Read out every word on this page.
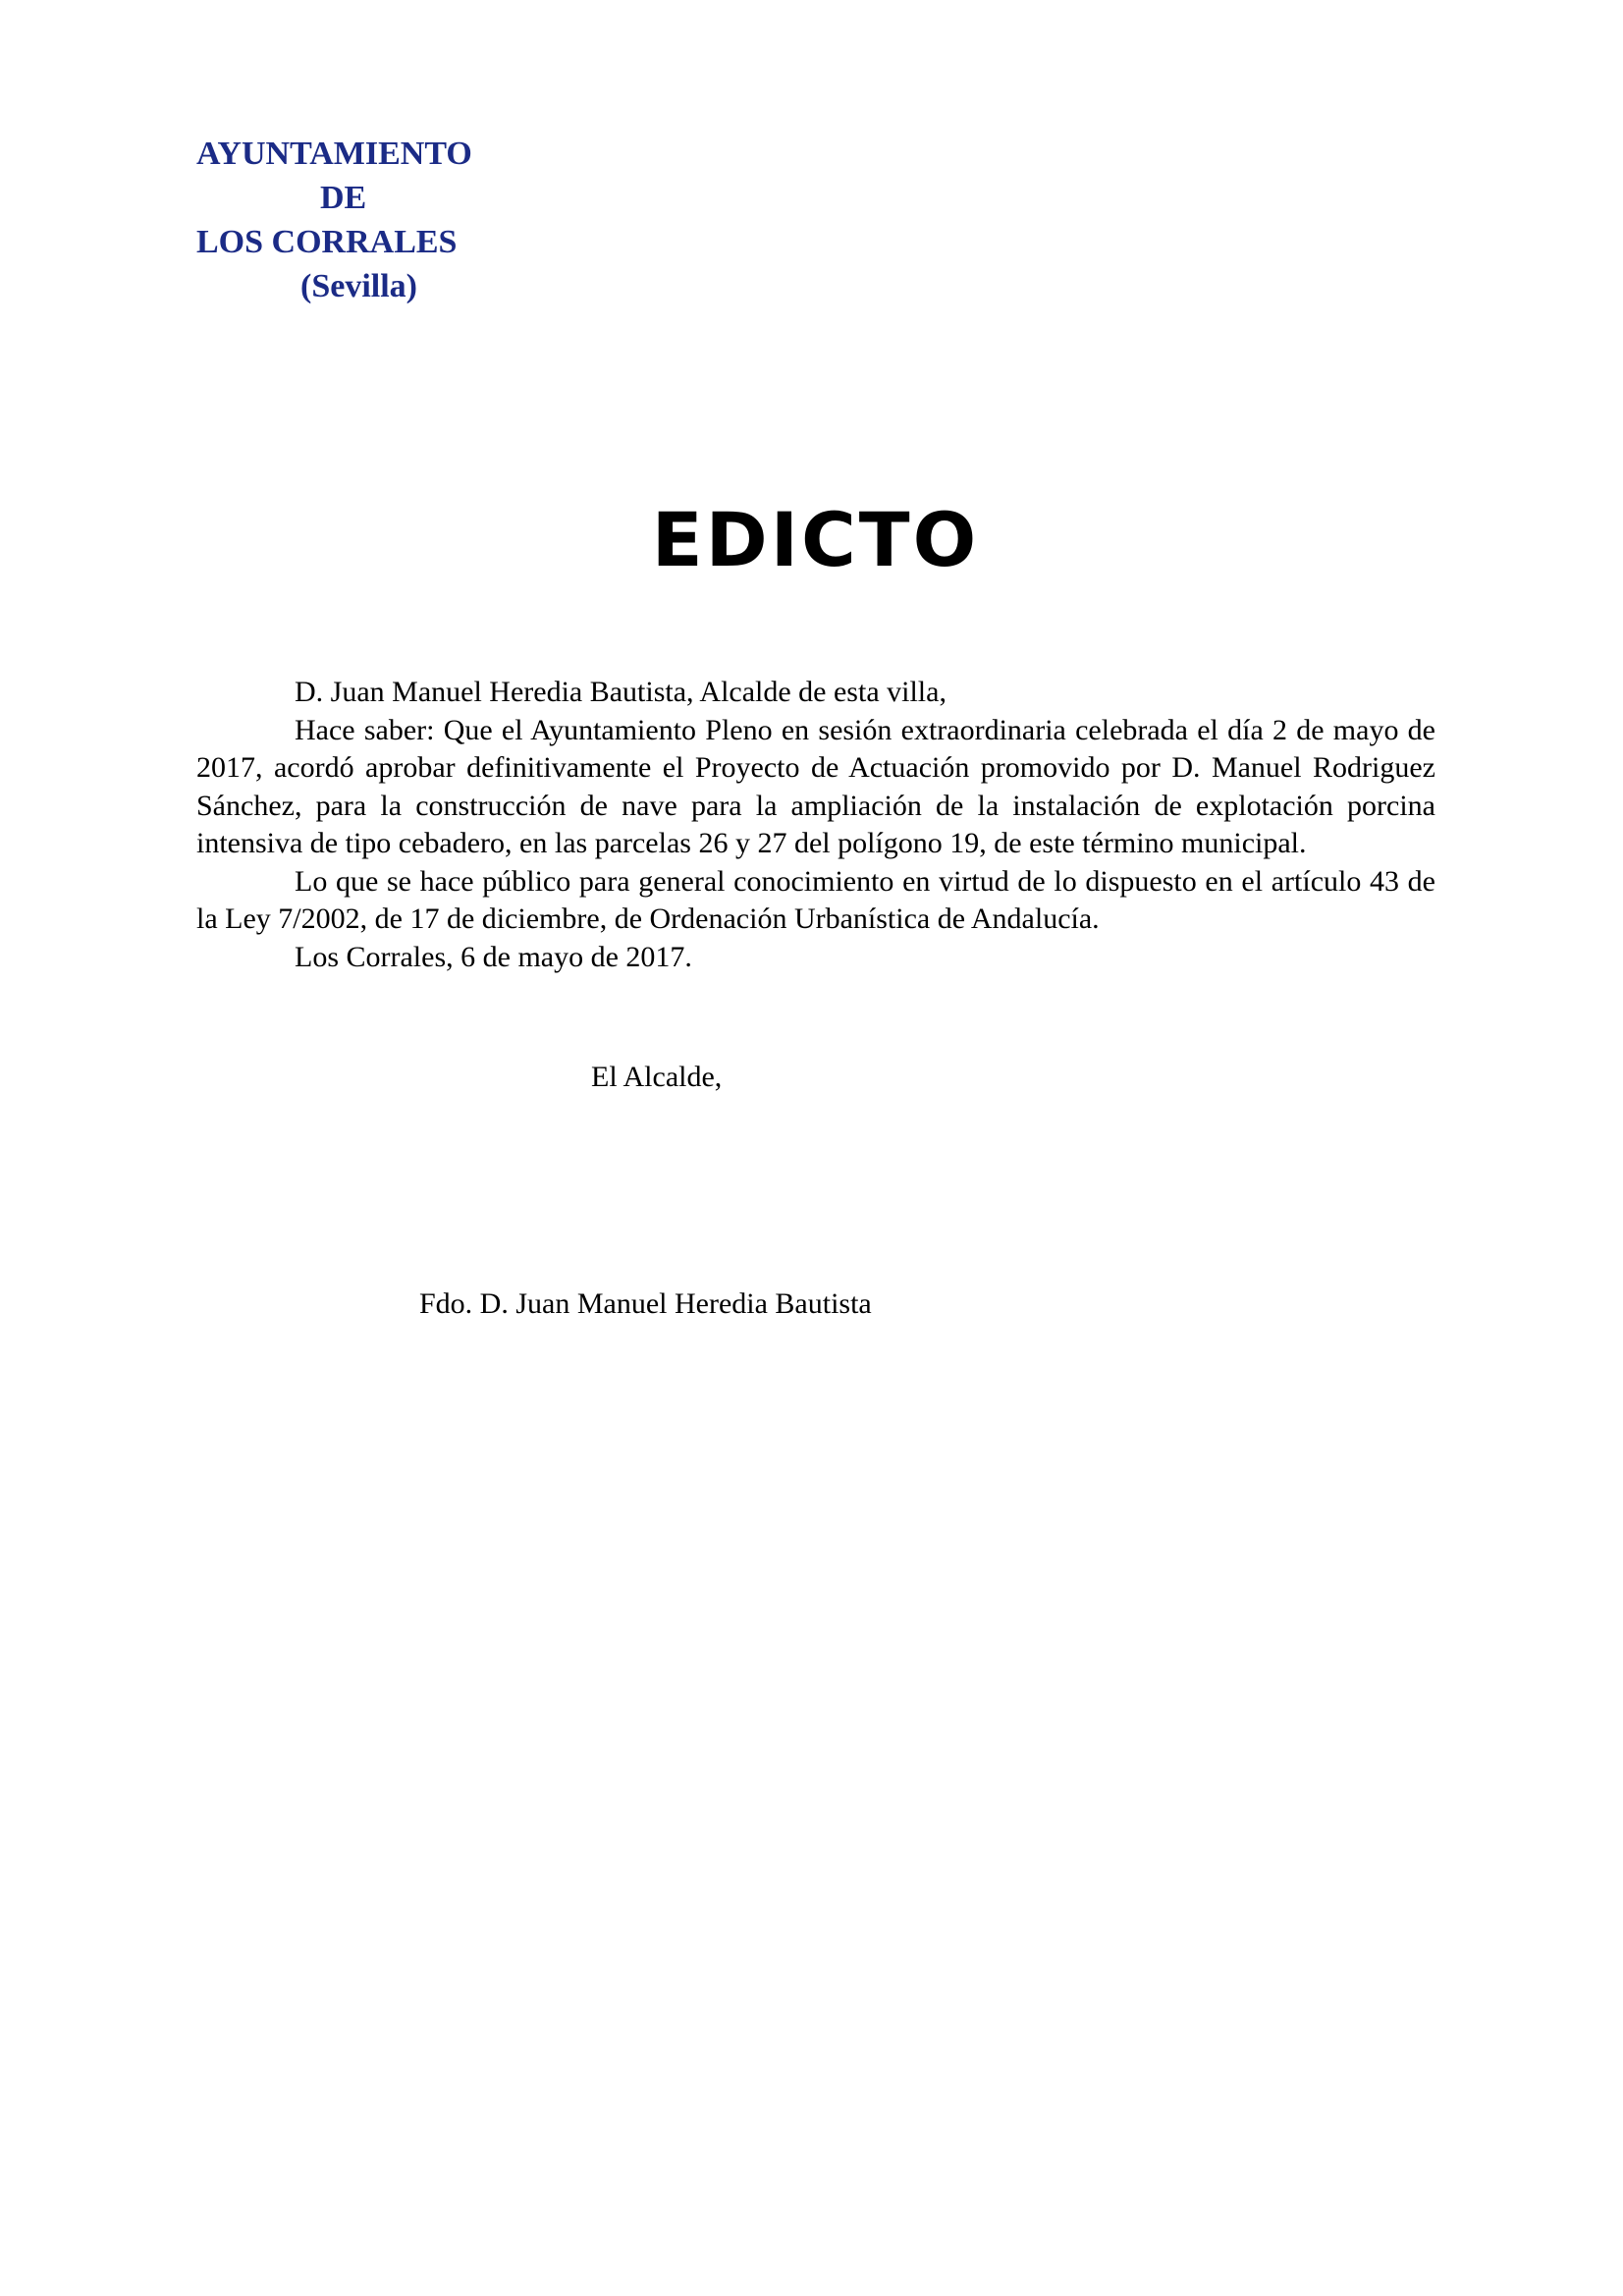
AYUNTAMIENTO
DE
LOS CORRALES
(Sevilla)
EDICTO

D. Juan Manuel Heredia Bautista, Alcalde de esta villa,

Hace saber: Que el Ayuntamiento Pleno en sesión extraordinaria celebrada el día 2 de mayo de 2017, acordó aprobar definitivamente el Proyecto de Actuación promovido por D. Manuel Rodriguez Sánchez, para la construcción de nave para la ampliación de la instalación de explotación porcina intensiva de tipo cebadero, en las parcelas 26 y 27 del polígono 19, de este término municipal.

Lo que se hace público para general conocimiento en virtud de lo dispuesto en el artículo 43 de la Ley 7/2002, de 17 de diciembre, de Ordenación Urbanística de Andalucía.

Los Corrales, 6 de mayo de 2017.

El Alcalde,
Fdo. D. Juan Manuel Heredia Bautista
